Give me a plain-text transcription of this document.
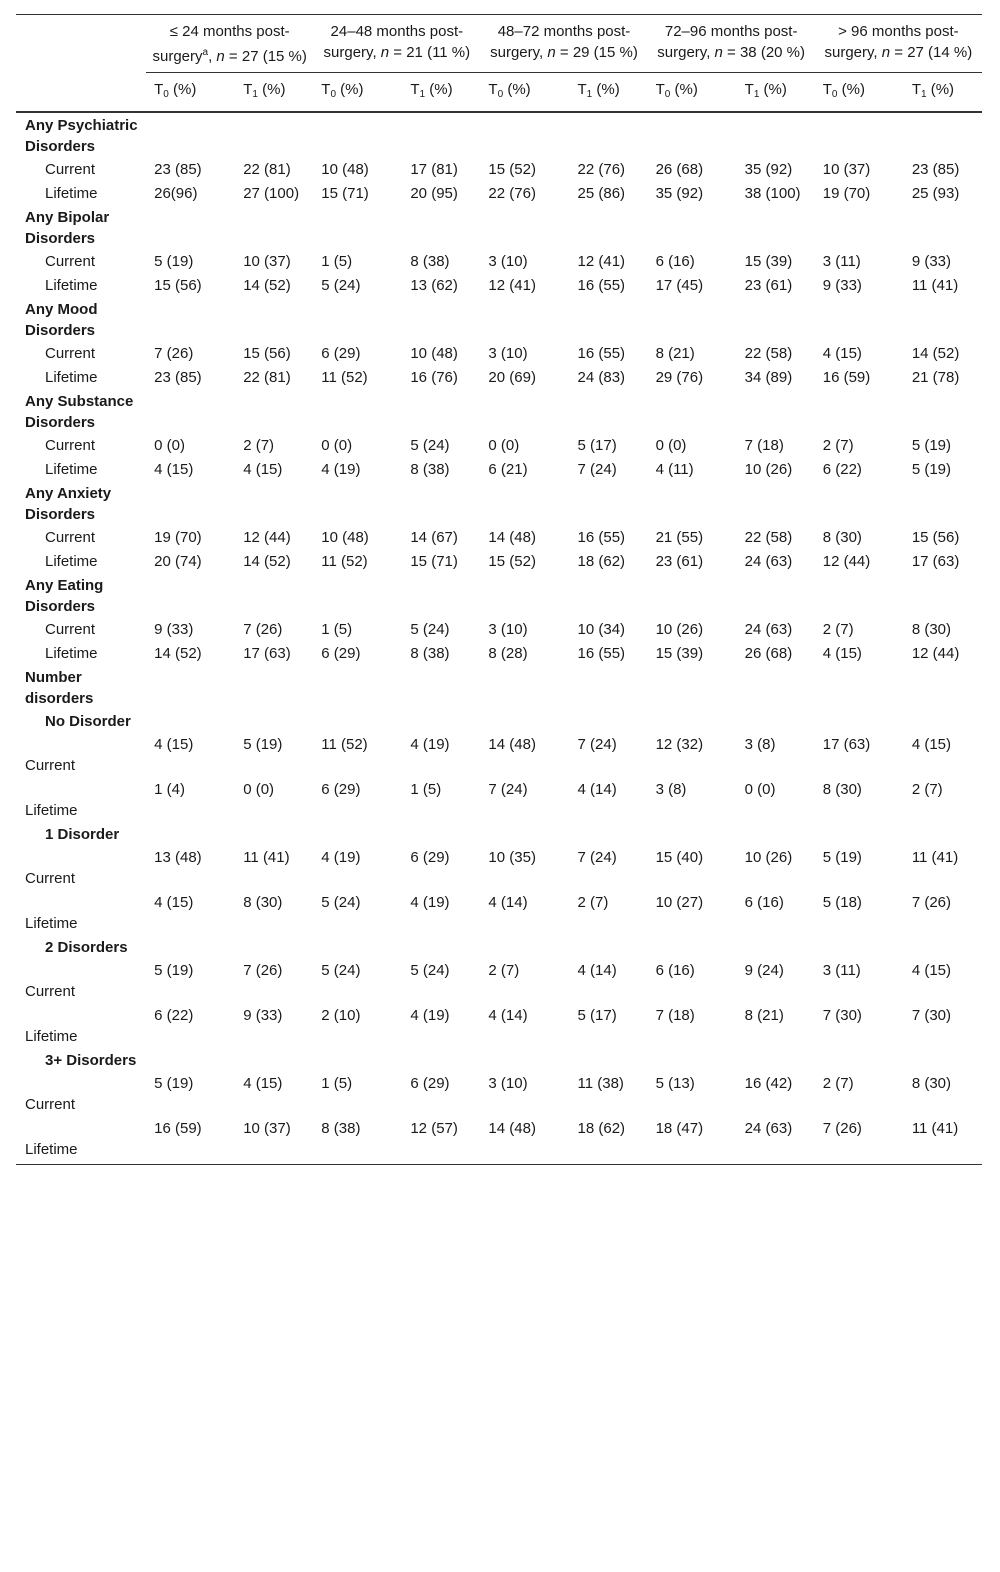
	≤ 24 months post-surgery$^a$, n = 27 (15 %)		24–48 months post-surgery, n = 21 (11 %)		48–72 months post-surgery, n = 29 (15 %)		72–96 months post-surgery, n = 38 (20 %)		> 96 months post-surgery, n = 27 (14 %)	
	$T_0$ (%)	$T_1$ (%)	$T_0$ (%)	$T_1$ (%)	$T_0$ (%)	$T_1$ (%)	$T_0$ (%)	$T_1$ (%)	$T_0$ (%)	$T_1$ (%)
Any Psychiatric Disorders										
Current	23 (85)	22 (81)	10 (48)	17 (81)	15 (52)	22 (76)	26 (68)	35 (92)	10 (37)	23 (85)
Lifetime	26(96)	27 (100)	15 (71)	20 (95)	22 (76)	25 (86)	35 (92)	38 (100)	19 (70)	25 (93)
Any Bipolar Disorders										
Current	5 (19)	10 (37)	1 (5)	8 (38)	3 (10)	12 (41)	6 (16)	15 (39)	3 (11)	9 (33)
Lifetime	15 (56)	14 (52)	5 (24)	13 (62)	12 (41)	16 (55)	17 (45)	23 (61)	9 (33)	11 (41)
Any Mood Disorders										
Current	7 (26)	15 (56)	6 (29)	10 (48)	3 (10)	16 (55)	8 (21)	22 (58)	4 (15)	14 (52)
Lifetime	23 (85)	22 (81)	11 (52)	16 (76)	20 (69)	24 (83)	29 (76)	34 (89)	16 (59)	21 (78)
Any Substance Disorders										
Current	0 (0)	2 (7)	0 (0)	5 (24)	0 (0)	5 (17)	0 (0)	7 (18)	2 (7)	5 (19)
Lifetime	4 (15)	4 (15)	4 (19)	8 (38)	6 (21)	7 (24)	4 (11)	10 (26)	6 (22)	5 (19)
Any Anxiety Disorders										
Current	19 (70)	12 (44)	10 (48)	14 (67)	14 (48)	16 (55)	21 (55)	22 (58)	8 (30)	15 (56)
Lifetime	20 (74)	14 (52)	11 (52)	15 (71)	15 (52)	18 (62)	23 (61)	24 (63)	12 (44)	17 (63)
Any Eating Disorders										
Current	9 (33)	7 (26)	1 (5)	5 (24)	3 (10)	10 (34)	10 (26)	24 (63)	2 (7)	8 (30)
Lifetime	14 (52)	17 (63)	6 (29)	8 (38)	8 (28)	16 (55)	15 (39)	26 (68)	4 (15)	12 (44)
Number disorders										
No Disorder										
Current	4 (15)	5 (19)	11 (52)	4 (19)	14 (48)	7 (24)	12 (32)	3 (8)	17 (63)	4 (15)
Lifetime	1 (4)	0 (0)	6 (29)	1 (5)	7 (24)	4 (14)	3 (8)	0 (0)	8 (30)	2 (7)
1 Disorder										
Current	13 (48)	11 (41)	4 (19)	6 (29)	10 (35)	7 (24)	15 (40)	10 (26)	5 (19)	11 (41)
Lifetime	4 (15)	8 (30)	5 (24)	4 (19)	4 (14)	2 (7)	10 (27)	6 (16)	5 (18)	7 (26)
2 Disorders										
Current	5 (19)	7 (26)	5 (24)	5 (24)	2 (7)	4 (14)	6 (16)	9 (24)	3 (11)	4 (15)
Lifetime	6 (22)	9 (33)	2 (10)	4 (19)	4 (14)	5 (17)	7 (18)	8 (21)	7 (30)	7 (30)
3+ Disorders										
Current	5 (19)	4 (15)	1 (5)	6 (29)	3 (10)	11 (38)	5 (13)	16 (42)	2 (7)	8 (30)
Lifetime	16 (59)	10 (37)	8 (38)	12 (57)	14 (48)	18 (62)	18 (47)	24 (63)	7 (26)	11 (41)
